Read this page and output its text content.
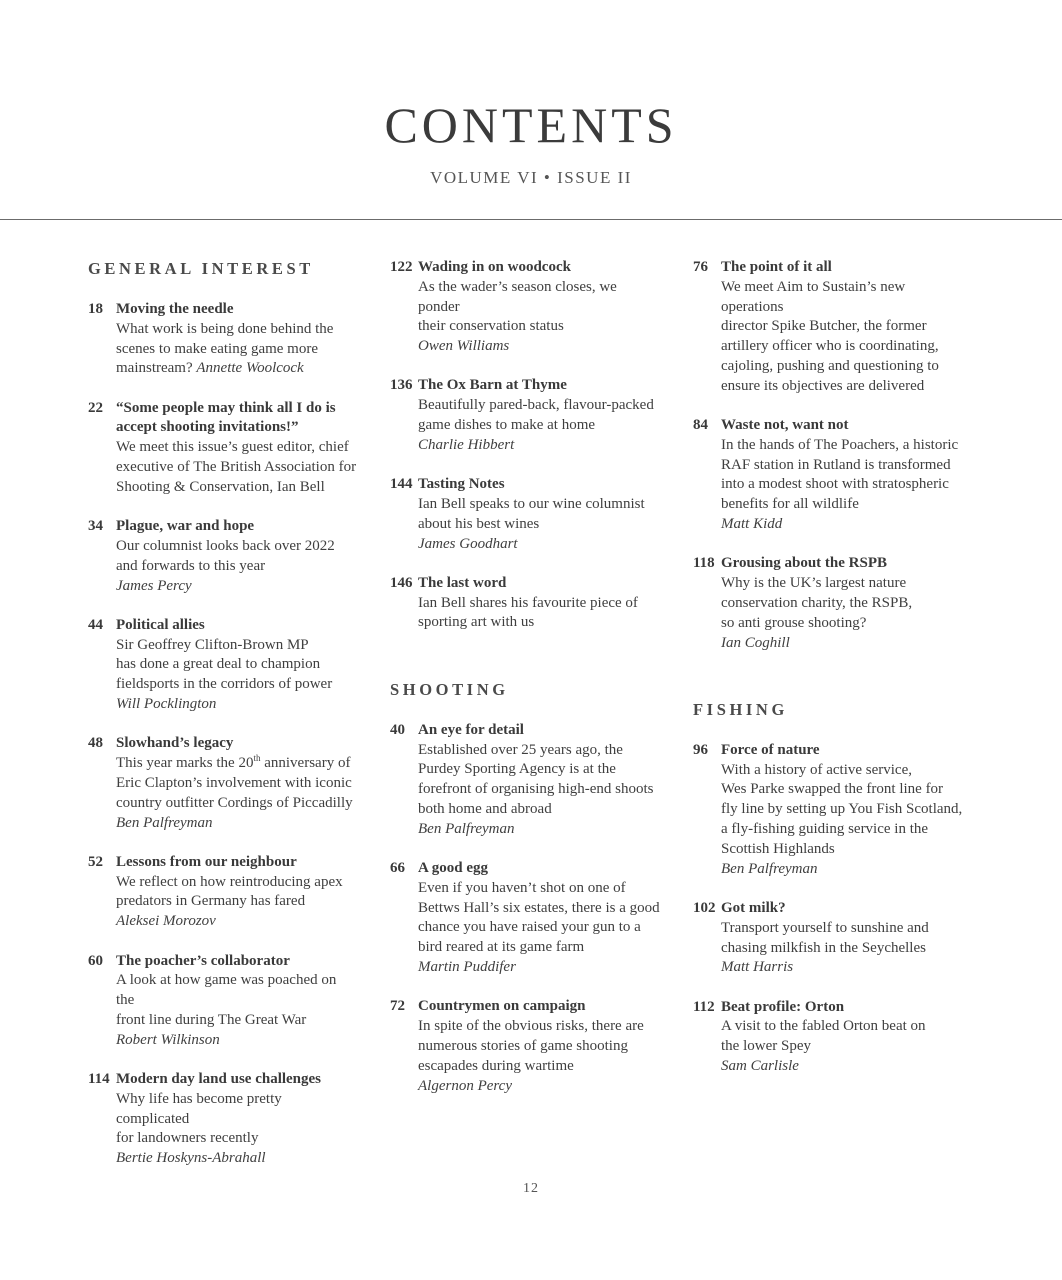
CONTENTS
VOLUME VI • ISSUE II
GENERAL INTEREST
18 Moving the needle
What work is being done behind the
scenes to make eating game more
mainstream? Annette Woolcock
22 “Some people may think all I do is
accept shooting invitations!”
We meet this issue’s guest editor, chief
executive of The British Association for
Shooting & Conservation, Ian Bell
34 Plague, war and hope
Our columnist looks back over 2022
and forwards to this year
James Percy
44 Political allies
Sir Geoffrey Clifton-Brown MP
has done a great deal to champion
fieldsports in the corridors of power
Will Pocklington
48 Slowhand’s legacy
This year marks the 20th anniversary of
Eric Clapton’s involvement with iconic
country outfitter Cordings of Piccadilly
Ben Palfreyman
52 Lessons from our neighbour
We reflect on how reintroducing apex
predators in Germany has fared
Aleksei Morozov
60 The poacher’s collaborator
A look at how game was poached on the
front line during The Great War
Robert Wilkinson
114 Modern day land use challenges
Why life has become pretty complicated
for landowners recently
Bertie Hoskyns-Abrahall
122 Wading in on woodcock
As the wader’s season closes, we ponder
their conservation status
Owen Williams
136 The Ox Barn at Thyme
Beautifully pared-back, flavour-packed
game dishes to make at home
Charlie Hibbert
144 Tasting Notes
Ian Bell speaks to our wine columnist
about his best wines
James Goodhart
146 The last word
Ian Bell shares his favourite piece of
sporting art with us
SHOOTING
40 An eye for detail
Established over 25 years ago, the
Purdey Sporting Agency is at the
forefront of organising high-end shoots
both home and abroad
Ben Palfreyman
66 A good egg
Even if you haven’t shot on one of
Bettws Hall’s six estates, there is a good
chance you have raised your gun to a
bird reared at its game farm
Martin Puddifer
72 Countrymen on campaign
In spite of the obvious risks, there are
numerous stories of game shooting
escapades during wartime
Algernon Percy
76 The point of it all
We meet Aim to Sustain’s new operations
director Spike Butcher, the former
artillery officer who is coordinating,
cajoling, pushing and questioning to
ensure its objectives are delivered
84 Waste not, want not
In the hands of The Poachers, a historic
RAF station in Rutland is transformed
into a modest shoot with stratospheric
benefits for all wildlife
Matt Kidd
118 Grousing about the RSPB
Why is the UK’s largest nature
conservation charity, the RSPB,
so anti grouse shooting?
Ian Coghill
FISHING
96 Force of nature
With a history of active service,
Wes Parke swapped the front line for
fly line by setting up You Fish Scotland,
a fly-fishing guiding service in the
Scottish Highlands
Ben Palfreyman
102 Got milk?
Transport yourself to sunshine and
chasing milkfish in the Seychelles
Matt Harris
112 Beat profile: Orton
A visit to the fabled Orton beat on
the lower Spey
Sam Carlisle
12
